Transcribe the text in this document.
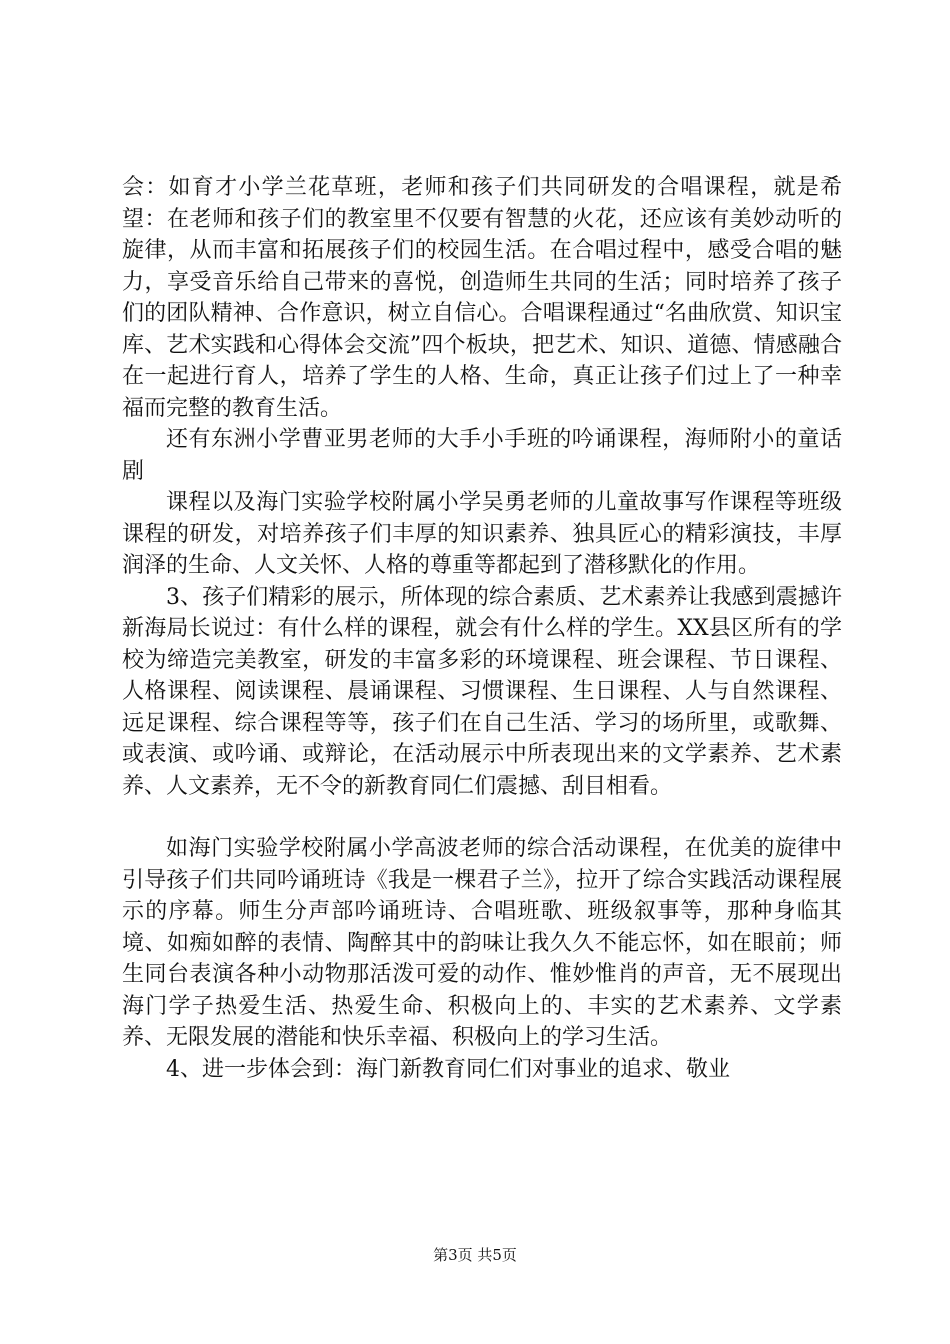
会：如育才小学兰花草班，老师和孩子们共同研发的合唱课程，就是希望：在老师和孩子们的教室里不仅要有智慧的火花，还应该有美妙动听的旋律，从而丰富和拓展孩子们的校园生活。在合唱过程中，感受合唱的魅力，享受音乐给自己带来的喜悦，创造师生共同的生活；同时培养了孩子们的团队精神、合作意识，树立自信心。合唱课程通过“名曲欣赏、知识宝库、艺术实践和心得体会交流”四个板块，把艺术、知识、道德、情感融合在一起进行育人，培养了学生的人格、生命，真正让孩子们过上了一种幸福而完整的教育生活。

还有东洲小学曹亚男老师的大手小手班的吟诵课程，海师附小的童话剧

课程以及海门实验学校附属小学吴勇老师的儿童故事写作课程等班级课程的研发，对培养孩子们丰厚的知识素养、独具匠心的精彩演技，丰厚润泽的生命、人文关怀、人格的尊重等都起到了潜移默化的作用。

3、孩子们精彩的展示，所体现的综合素质、艺术素养让我感到震撼许新海局长说过：有什么样的课程，就会有什么样的学生。XX县区所有的学校为缔造完美教室，研发的丰富多彩的环境课程、班会课程、节日课程、人格课程、阅读课程、晨诵课程、习惯课程、生日课程、人与自然课程、远足课程、综合课程等等，孩子们在自己生活、学习的场所里，或歌舞、或表演、或吟诵、或辩论，在活动展示中所表现出来的文学素养、艺术素养、人文素养，无不令的新教育同仁们震撼、刮目相看。

如海门实验学校附属小学高波老师的综合活动课程，在优美的旋律中引导孩子们共同吟诵班诗《我是一棵君子兰》，拉开了综合实践活动课程展示的序幕。师生分声部吟诵班诗、合唱班歌、班级叙事等，那种身临其境、如痴如醉的表情、陶醉其中的韵味让我久久不能忘怀，如在眼前；师生同台表演各种小动物那活泼可爱的动作、惟妙惟肖的声音，无不展现出海门学子热爱生活、热爱生命、积极向上的、丰实的艺术素养、文学素养、无限发展的潜能和快乐幸福、积极向上的学习生活。

4、进一步体会到：海门新教育同仁们对事业的追求、敬业

第3页 共5页
